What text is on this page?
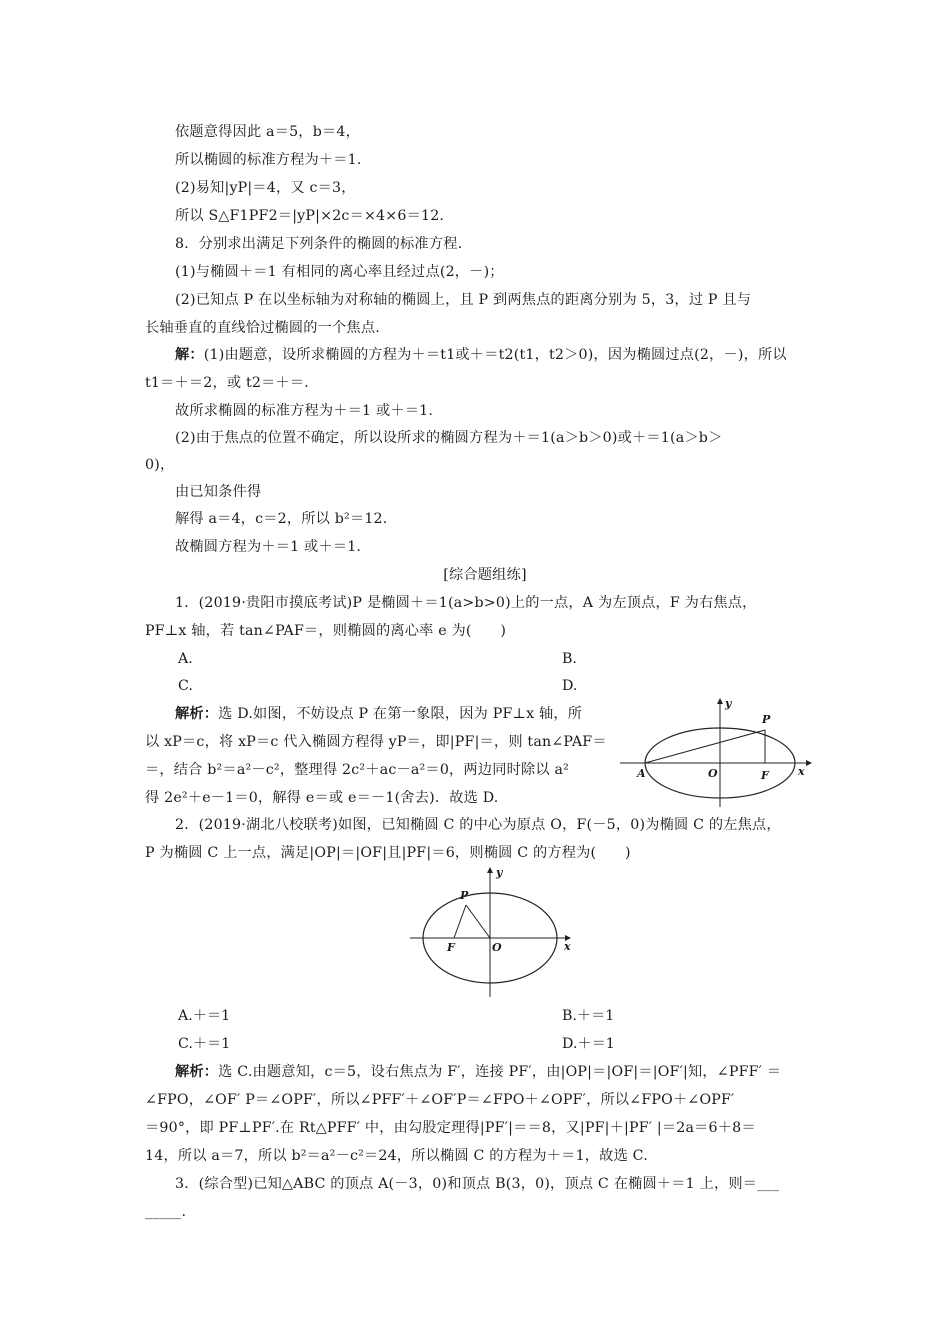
依题意得因此 a＝5，b＝4，
所以椭圆的标准方程为＋＝1.
(2)易知|yP|＝4，又 c＝3，
所以 S△F1PF2＝|yP|×2c＝×4×6＝12.
8．分别求出满足下列条件的椭圆的标准方程.
(1)与椭圆＋＝1 有相同的离心率且经过点(2，－)；
(2)已知点 P 在以坐标轴为对称轴的椭圆上，且 P 到两焦点的距离分别为 5，3，过 P 且与
长轴垂直的直线恰过椭圆的一个焦点.
解：(1)由题意，设所求椭圆的方程为＋＝t1或＋＝t2(t1，t2＞0)，因为椭圆过点(2，－)，所以
t1＝＋＝2，或 t2＝＋＝.
故所求椭圆的标准方程为＋＝1 或＋＝1.
(2)由于焦点的位置不确定，所以设所求的椭圆方程为＋＝1(a＞b＞0)或＋＝1(a＞b＞
0)，
由已知条件得
解得 a＝4，c＝2，所以 b²＝12.
故椭圆方程为＋＝1 或＋＝1.
[综合题组练]
1．(2019·贵阳市摸底考试)P 是椭圆＋＝1(a>b>0)上的一点，A 为左顶点，F 为右焦点，
PF⊥x 轴，若 tan∠PAF＝，则椭圆的离心率 e 为(　　)
A.	B.
C.	D.
解析：选 D.如图，不妨设点 P 在第一象限，因为 PF⊥x 轴，所
以 xP＝c，将 xP＝c 代入椭圆方程得 yP＝，即|PF|＝，则 tan∠PAF＝
＝，结合 b²＝a²－c²，整理得 2c²＋ac－a²＝0，两边同时除以 a²
得 2e²＋e－1＝0，解得 e＝或 e＝－1(舍去)．故选 D.
y
P
A	O	F	x
2．(2019·湖北八校联考)如图，已知椭圆 C 的中心为原点 O，F(－5，0)为椭圆 C 的左焦点，
P 为椭圆 C 上一点，满足|OP|＝|OF|且|PF|＝6，则椭圆 C 的方程为(　　)
y
P
F	O	x
A.＋＝1	B.＋＝1
C.＋＝1	D.＋＝1
解析：选 C.由题意知，c＝5，设右焦点为 F′，连接 PF′，由|OP|＝|OF|＝|OF′|知，∠PFF′ ＝
∠FPO，∠OF′ P＝∠OPF′，所以∠PFF′＋∠OF′P＝∠FPO＋∠OPF′，所以∠FPO＋∠OPF′
＝90°，即 PF⊥PF′.在 Rt△PFF′ 中，由勾股定理得|PF′|＝＝8，又|PF|＋|PF′ |＝2a＝6＋8＝
14，所以 a＝7，所以 b²＝a²－c²＝24，所以椭圆 C 的方程为＋＝1，故选 C.
3．(综合型)已知△ABC 的顶点 A(－3，0)和顶点 B(3，0)，顶点 C 在椭圆＋＝1 上，则＝___
_____.
